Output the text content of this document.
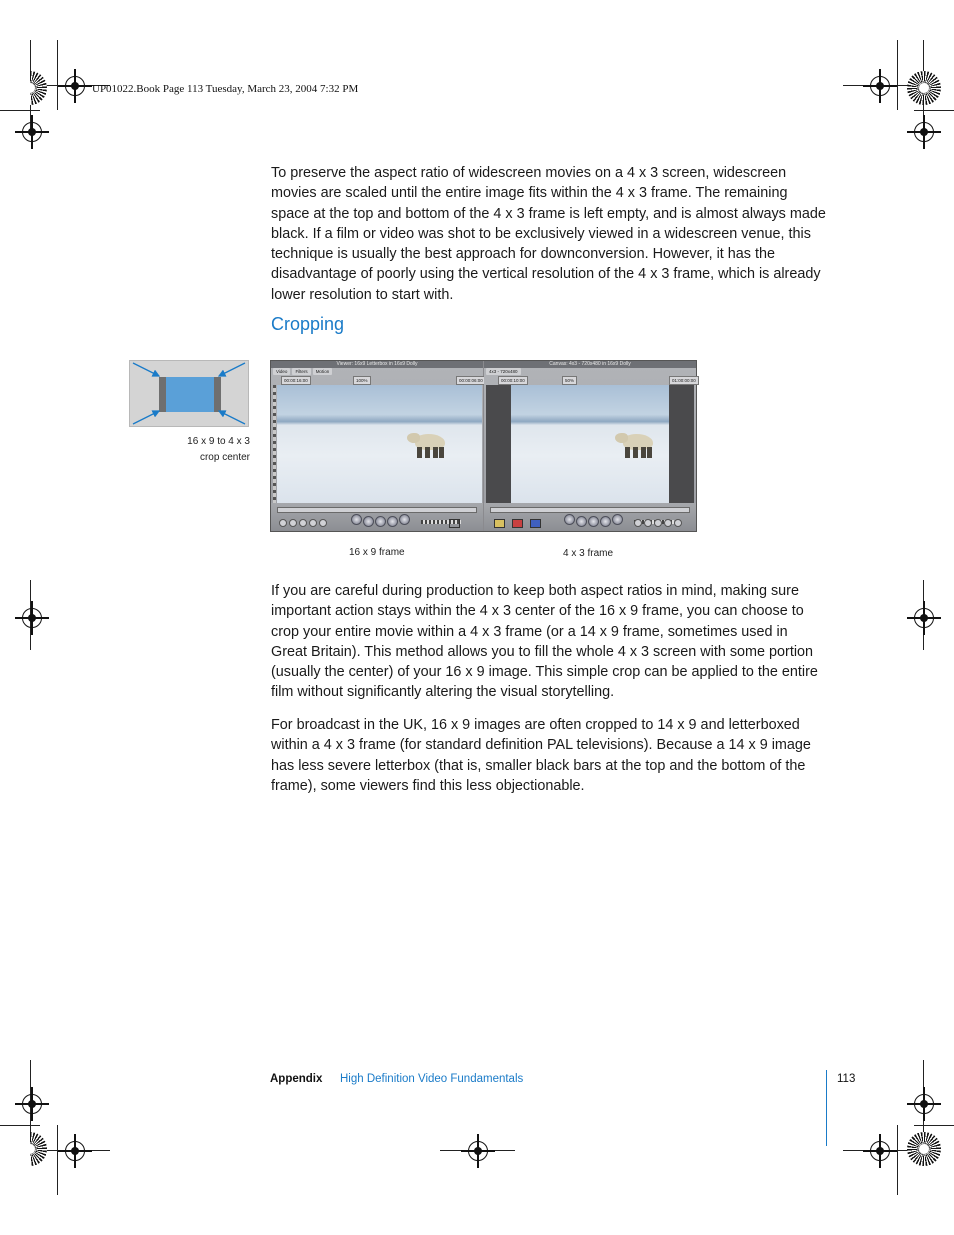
UP01022.Book Page 113 Tuesday, March 23, 2004 7:32 PM

To preserve the aspect ratio of widescreen movies on a 4 x 3 screen, widescreen movies are scaled until the entire image fits within the 4 x 3 frame. The remaining space at the top and bottom of the 4 x 3 frame is left empty, and is almost always made black. If a film or video was shot to be exclusively viewed in a widescreen venue, this technique is usually the best approach for downconversion. However, it has the disadvantage of poorly using the vertical resolution of the 4 x 3 frame, which is already lower resolution to start with.

Cropping
16 x 9 to 4 x 3
crop center
Viewer: 16x9 Letterbox in 16x9 Dolly
Video	Filters	Motion
00:00:16:00	100%	00:00:06:00
Canvas: 4x3 - 720x480 in 16x9 Dolly
4x3 - 720x480
00:00:10:00	50%	01:00:00:00
16 x 9 frame	4 x 3 frame

If you are careful during production to keep both aspect ratios in mind, making sure important action stays within the 4 x 3 center of the 16 x 9 frame, you can choose to crop your entire movie within a 4 x 3 frame (or a 14 x 9 frame, sometimes used in Great Britain). This method allows you to fill the whole 4 x 3 screen with some portion (usually the center) of your 16 x 9 image. This simple crop can be applied to the entire film without significantly altering the visual storytelling.

For broadcast in the UK, 16 x 9 images are often cropped to 14 x 9 and letterboxed within a 4 x 3 frame (for standard definition PAL televisions). Because a 14 x 9 image has less severe letterbox (that is, smaller black bars at the top and the bottom of the frame), some viewers find this less objectionable.

Appendix High Definition Video Fundamentals	113
